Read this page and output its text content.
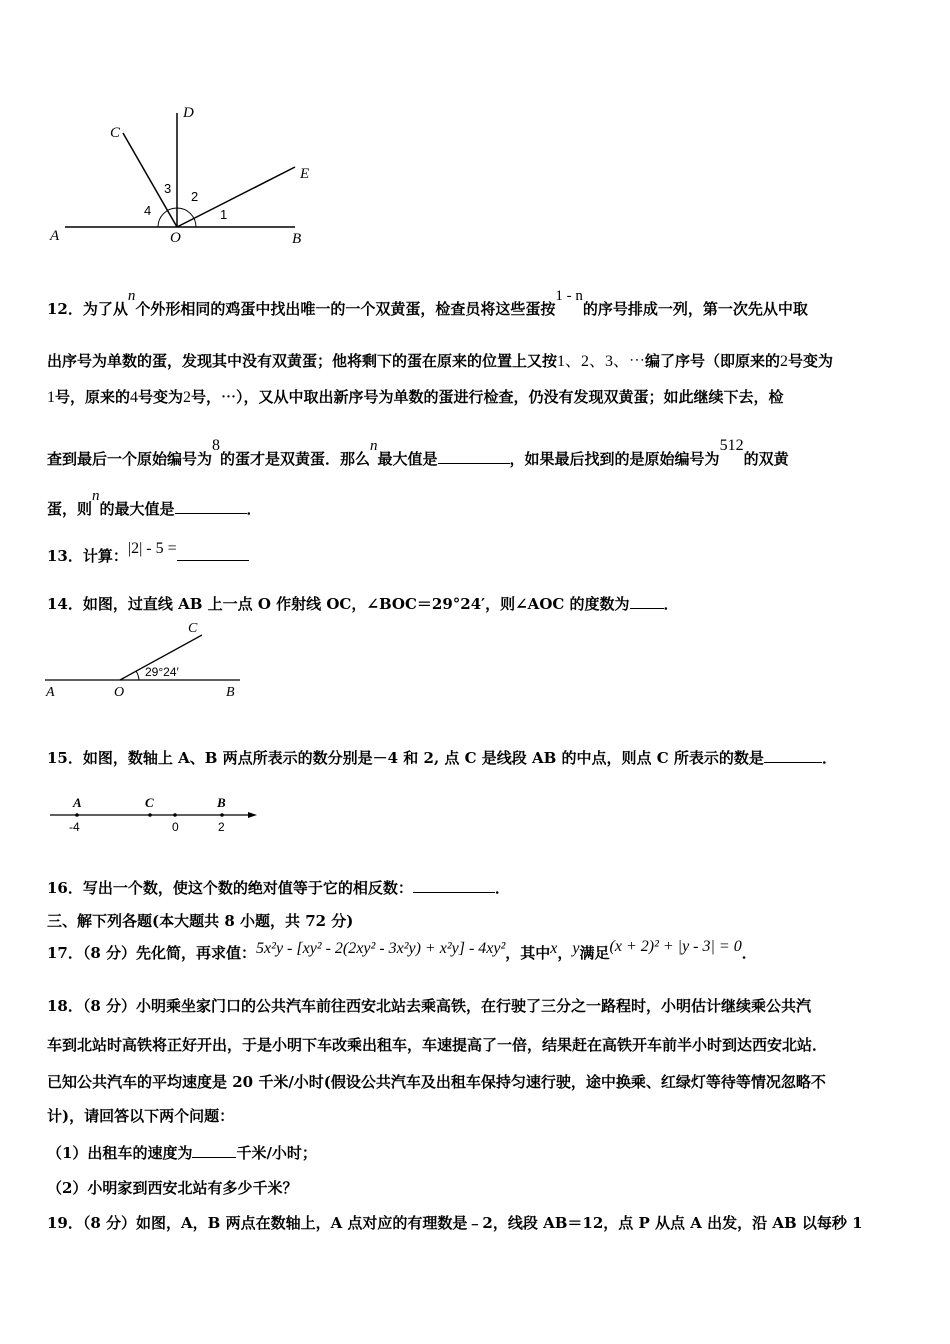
C
D
E
A	O	B
3
2
4	1
12．为了从n个外形相同的鸡蛋中找出唯一的一个双黄蛋，检查员将这些蛋按1 - n的序号排成一列，第一次先从中取
出序号为单数的蛋，发现其中没有双黄蛋；他将剩下的蛋在原来的位置上又按1、2、3、⋯编了序号（即原来的2号变为
1号，原来的4号变为2号，⋯），又从中取出新序号为单数的蛋进行检查，仍没有发现双黄蛋；如此继续下去，检
查到最后一个原始编号为8的蛋才是双黄蛋．那么n最大值是	，如果最后找到的是原始编号为512的双黄
蛋，则n的最大值是	．
13．计算：|2| - 5 =
14．如图，过直线 AB 上一点 O 作射线 OC，∠BOC＝29°24′，则∠AOC 的度数为 ．
C
29°24′
A	O	B
15．如图，数轴上 A、B 两点所表示的数分别是－4 和 2, 点 C 是线段 AB 的中点，则点 C 所表示的数是	．
A	C	B
-4	0	2
16．写出一个数，使这个数的绝对值等于它的相反数：	．
三、解下列各题(本大题共 8 小题，共 72 分)
17．（8 分）先化简，再求值：5x²y - [xy² - 2(2xy² - 3x²y) + x²y] - 4xy²，其中x，y满足(x + 2)² + |y - 3| = 0．
18．（8 分）小明乘坐家门口的公共汽车前往西安北站去乘高铁，在行驶了三分之一路程时，小明估计继续乘公共汽
车到北站时高铁将正好开出，于是小明下车改乘出租车，车速提高了一倍，结果赶在高铁开车前半小时到达西安北站．
已知公共汽车的平均速度是 20 千米/小时(假设公共汽车及出租车保持匀速行驶，途中换乘、红绿灯等待等情况忽略不
计)，请回答以下两个问题：
（1）出租车的速度为	千米/小时；
（2）小明家到西安北站有多少千米？
19．（8 分）如图，A，B 两点在数轴上，A 点对应的有理数是﹣2，线段 AB＝12，点 P 从点 A 出发，沿 AB 以每秒 1
